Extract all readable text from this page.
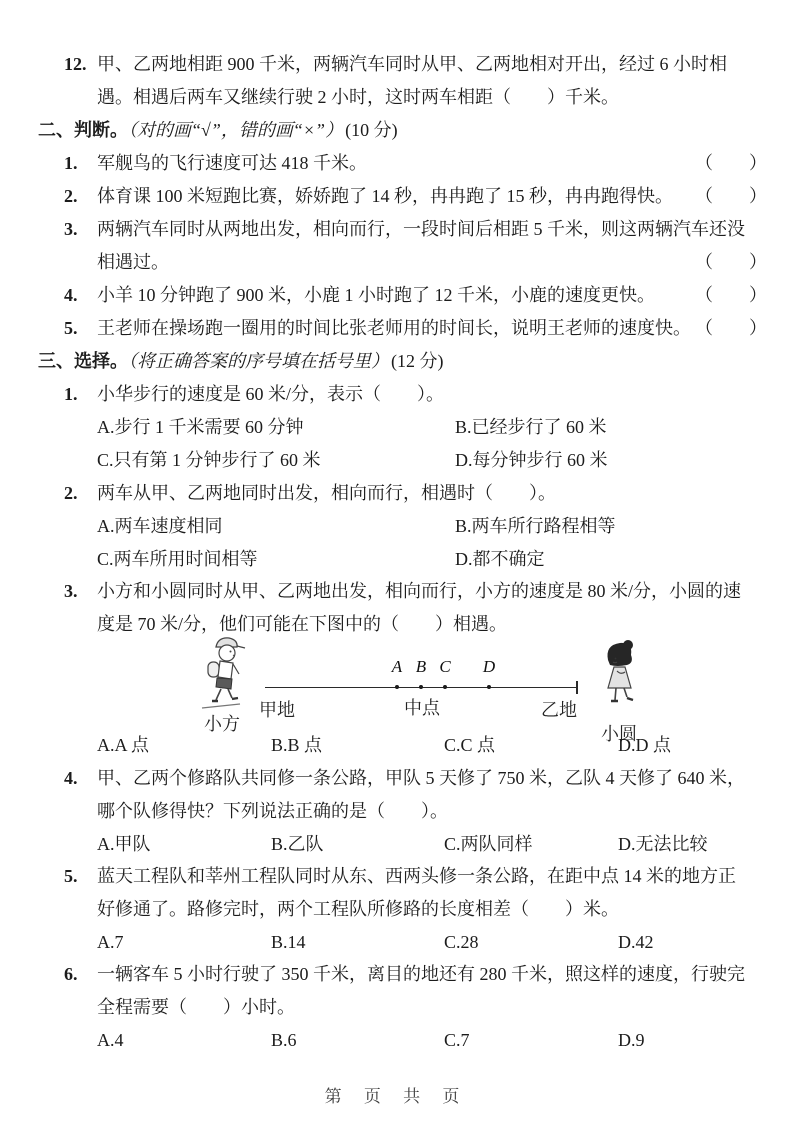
12. 甲、乙两地相距 900 千米，两辆汽车同时从甲、乙两地相对开出，经过 6 小时相
遇。相遇后两车又继续行驶 2 小时，这时两车相距（　　）千米。
二、判断。（对的画“√”，错的画“×”） (10 分)
1. 军舰鸟的飞行速度可达 418 千米。	（　　）
2. 体育课 100 米短跑比赛，娇娇跑了 14 秒，冉冉跑了 15 秒，冉冉跑得快。 （　　）
3. 两辆汽车同时从两地出发，相向而行，一段时间后相距 5 千米，则这两辆汽车还没
相遇过。	（　　）
4. 小羊 10 分钟跑了 900 米，小鹿 1 小时跑了 12 千米，小鹿的速度更快。 （　　）
5. 王老师在操场跑一圈用的时间比张老师用的时间长，说明王老师的速度快。 （　　）
三、选择。（将正确答案的序号填在括号里） (12 分)
1. 小华步行的速度是 60 米/分，表示（　　）。
A.步行 1 千米需要 60 分钟	B.已经步行了 60 米
C.只有第 1 分钟步行了 60 米	D.每分钟步行 60 米
2. 两车从甲、乙两地同时出发，相向而行，相遇时（　　）。
A.两车速度相同	B.两车所行路程相等
C.两车所用时间相等	D.都不确定
3. 小方和小圆同时从甲、乙两地出发，相向而行，小方的速度是 80 米/分，小圆的速
度是 70 米/分，他们可能在下图中的（　　）相遇。
小方
甲地
A B C D
中点	乙地
小圆
A.A 点	B.B 点	C.C 点	D.D 点
4. 甲、乙两个修路队共同修一条公路，甲队 5 天修了 750 米，乙队 4 天修了 640 米，
哪个队修得快？下列说法正确的是（　　）。
A.甲队	B.乙队	C.两队同样	D.无法比较
5. 蓝天工程队和莘州工程队同时从东、西两头修一条公路，在距中点 14 米的地方正
好修通了。路修完时，两个工程队所修路的长度相差（　　）米。
A.7	B.14	C.28	D.42
6. 一辆客车 5 小时行驶了 350 千米，离目的地还有 280 千米，照这样的速度，行驶完
全程需要（　　）小时。
A.4	B.6	C.7	D.9
第 页 共 页
